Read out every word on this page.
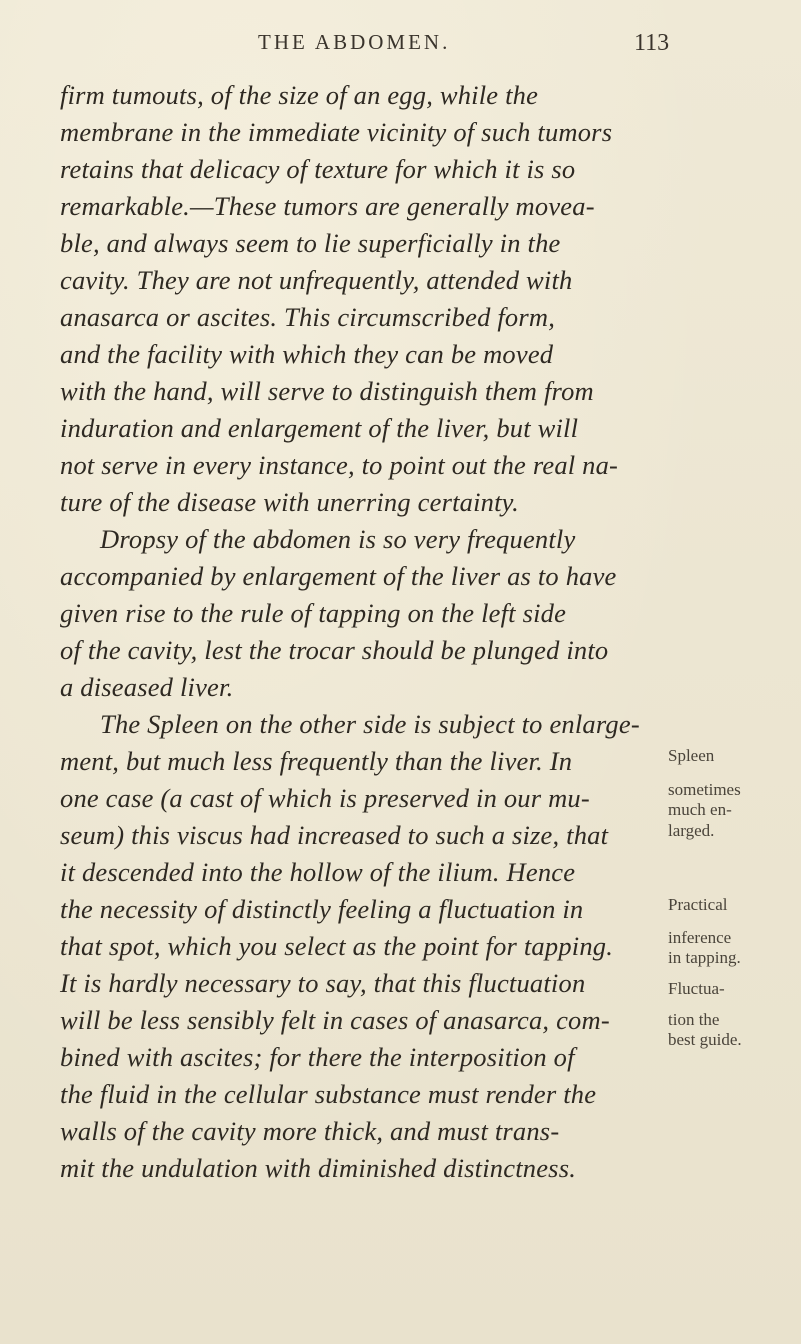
THE ABDOMEN.	113
firm tumouts, of the size of an egg, while the
membrane in the immediate vicinity of such tumors
retains that delicacy of texture for which it is so
remarkable.—These tumors are generally movea-
ble, and always seem to lie superficially in the
cavity. They are not unfrequently, attended with
anasarca or ascites. This circumscribed form,
and the facility with which they can be moved
with the hand, will serve to distinguish them from
induration and enlargement of the liver, but will
not serve in every instance, to point out the real na-
ture of the disease with unerring certainty.
Dropsy of the abdomen is so very frequently
accompanied by enlargement of the liver as to have
given rise to the rule of tapping on the left side
of the cavity, lest the trocar should be plunged into
a diseased liver.
The Spleen on the other side is subject to enlarge-
ment, but much less frequently than the liver. In
one case (a cast of which is preserved in our mu-
seum) this viscus had increased to such a size, that
it descended into the hollow of the ilium. Hence
the necessity of distinctly feeling a fluctuation in
that spot, which you select as the point for tapping.
It is hardly necessary to say, that this fluctuation
will be less sensibly felt in cases of anasarca, com-
bined with ascites; for there the interposition of
the fluid in the cellular substance must render the
walls of the cavity more thick, and must trans-
mit the undulation with diminished distinctness.
Spleen
sometimes
much en-
larged.
Practical
inference
in tapping.
Fluctua-
tion the
best guide.
